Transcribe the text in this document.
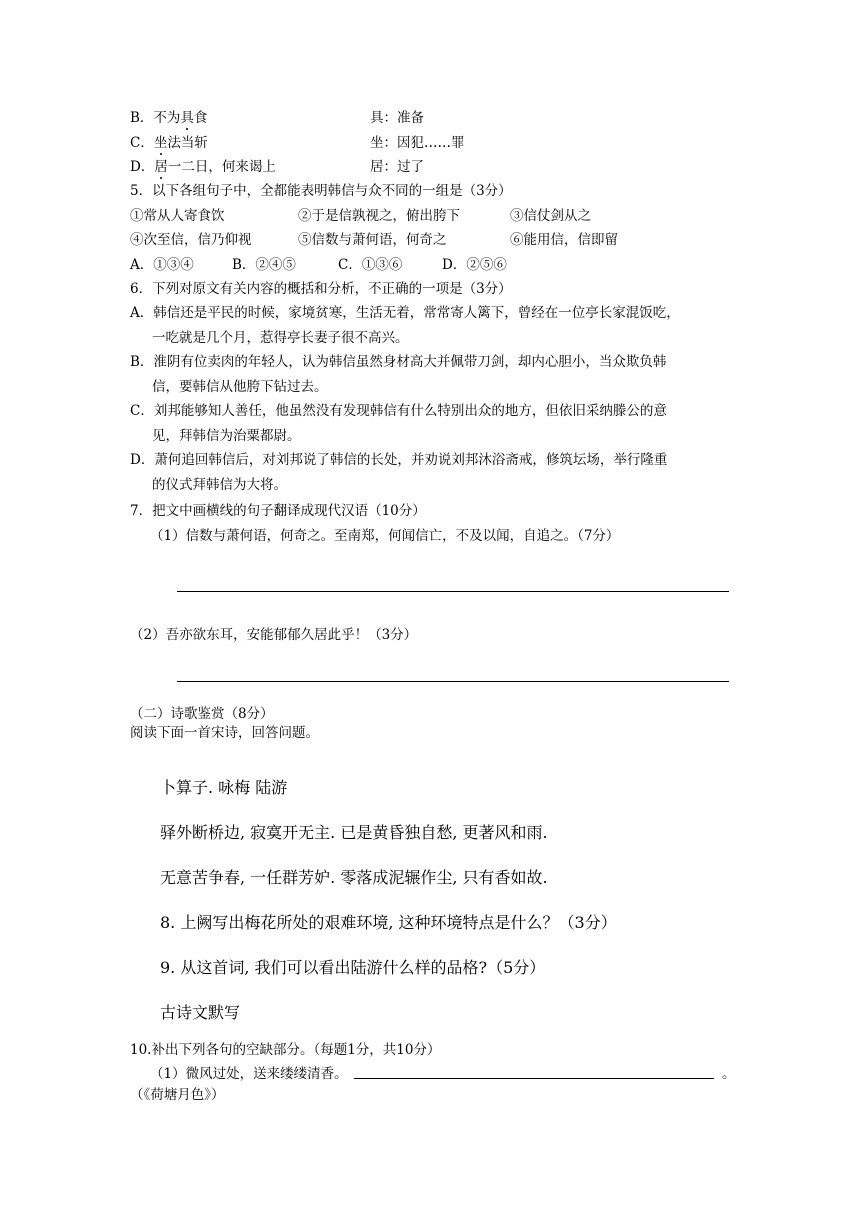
B．不为具食	具：准备
C．坐法当斩	坐：因犯……罪
D．居一二日，何来谒上	居：过了
5．以下各组句子中，全都能表明韩信与众不同的一组是（3分）
①常从人寄食饮	②于是信孰视之，俯出胯下	③信仗剑从之
④次至信，信乃仰视	⑤信数与萧何语，何奇之	⑥能用信，信即留
A．①③④	B．②④⑤	C．①③⑥	D．②⑤⑥
6．下列对原文有关内容的概括和分析，不正确的一项是（3分）
A．韩信还是平民的时候，家境贫寒，生活无着，常常寄人篱下，曾经在一位亭长家混饭吃，
一吃就是几个月，惹得亭长妻子很不高兴。
B．淮阴有位卖肉的年轻人，认为韩信虽然身材高大并佩带刀剑，却内心胆小，当众欺负韩
信，要韩信从他胯下钻过去。
C．刘邦能够知人善任，他虽然没有发现韩信有什么特别出众的地方，但依旧采纳滕公的意
见，拜韩信为治粟都尉。
D．萧何追回韩信后，对刘邦说了韩信的长处，并劝说刘邦沐浴斋戒，修筑坛场，举行隆重
的仪式拜韩信为大将。
7．把文中画横线的句子翻译成现代汉语（10分）
（1）信数与萧何语，何奇之。至南郑，何闻信亡，不及以闻，自追之。（7分）
（2）吾亦欲东耳，安能郁郁久居此乎！（3分）
（二）诗歌鉴赏（8分）
阅读下面一首宋诗，回答问题。
卜算子. 咏梅 陆游
驿外断桥边, 寂寞开无主. 已是黄昏独自愁, 更著风和雨.
无意苦争春, 一任群芳妒. 零落成泥辗作尘, 只有香如故.
8. 上阙写出梅花所处的艰难环境, 这种环境特点是什么？（3分）
9. 从这首词, 我们可以看出陆游什么样的品格?（5分）
古诗文默写
10.补出下列各句的空缺部分。（每题1分，共10分）
（1）微风过处，送来缕缕清香。	。
（《荷塘月色》）
